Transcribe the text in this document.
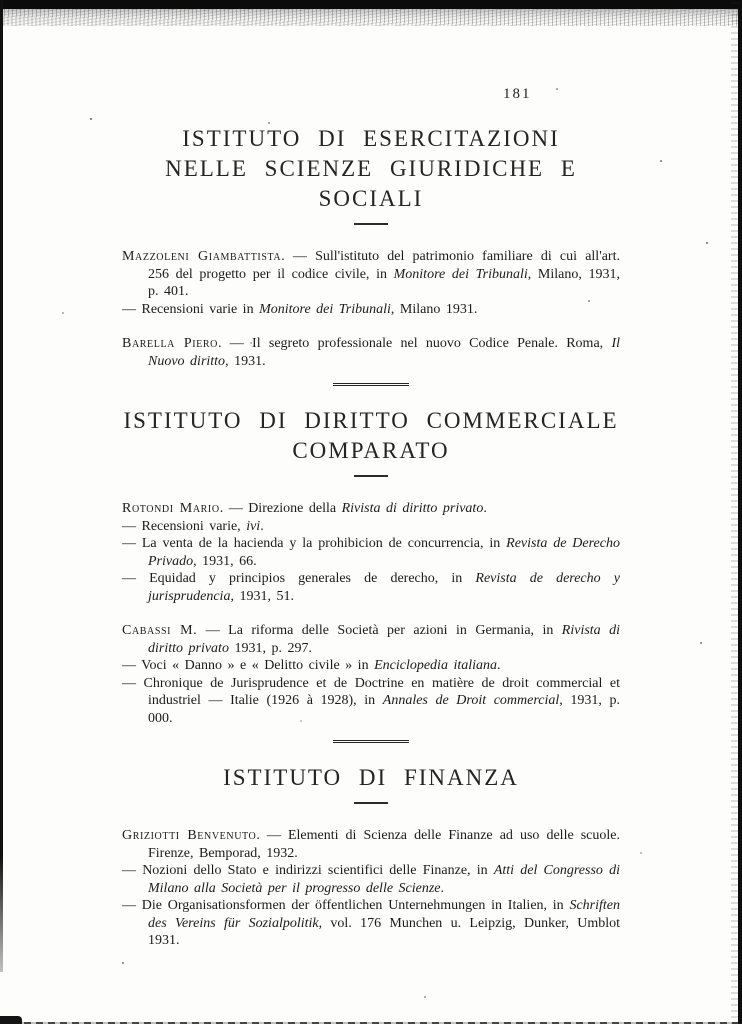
181
ISTITUTO DI ESERCITAZIONI
NELLE SCIENZE GIURIDICHE E SOCIALI

Mazzoleni Giambattista. — Sull'istituto del patrimonio familiare di cui all'art. 256 del progetto per il codice civile, in Monitore dei Tribunali, Milano, 1931, p. 401.

— Recensioni varie in Monitore dei Tribunali, Milano 1931.

Barella Piero. — Il segreto professionale nel nuovo Codice Penale. Roma, Il Nuovo diritto, 1931.

ISTITUTO DI DIRITTO COMMERCIALE
COMPARATO

Rotondi Mario. — Direzione della Rivista di diritto privato.

— Recensioni varie, ivi.

— La venta de la hacienda y la prohibicion de concurrencia, in Revista de Derecho Privado, 1931, 66.

— Equidad y principios generales de derecho, in Revista de derecho y jurisprudencia, 1931, 51.

Cabassi M. — La riforma delle Società per azioni in Germania, in Rivista di diritto privato 1931, p. 297.

— Voci « Danno » e « Delitto civile » in Enciclopedia italiana.

— Chronique de Jurisprudence et de Doctrine en matière de droit commercial et industriel — Italie (1926 à 1928), in Annales de Droit commercial, 1931, p. 000.

ISTITUTO DI FINANZA

Griziotti Benvenuto. — Elementi di Scienza delle Finanze ad uso delle scuole. Firenze, Bemporad, 1932.

— Nozioni dello Stato e indirizzi scientifici delle Finanze, in Atti del Congresso di Milano alla Società per il progresso delle Scienze.

— Die Organisationsformen der öffentlichen Unternehmungen in Italien, in Schriften des Vereins für Sozialpolitik, vol. 176 Munchen u. Leipzig, Dunker, Umblot 1931.
